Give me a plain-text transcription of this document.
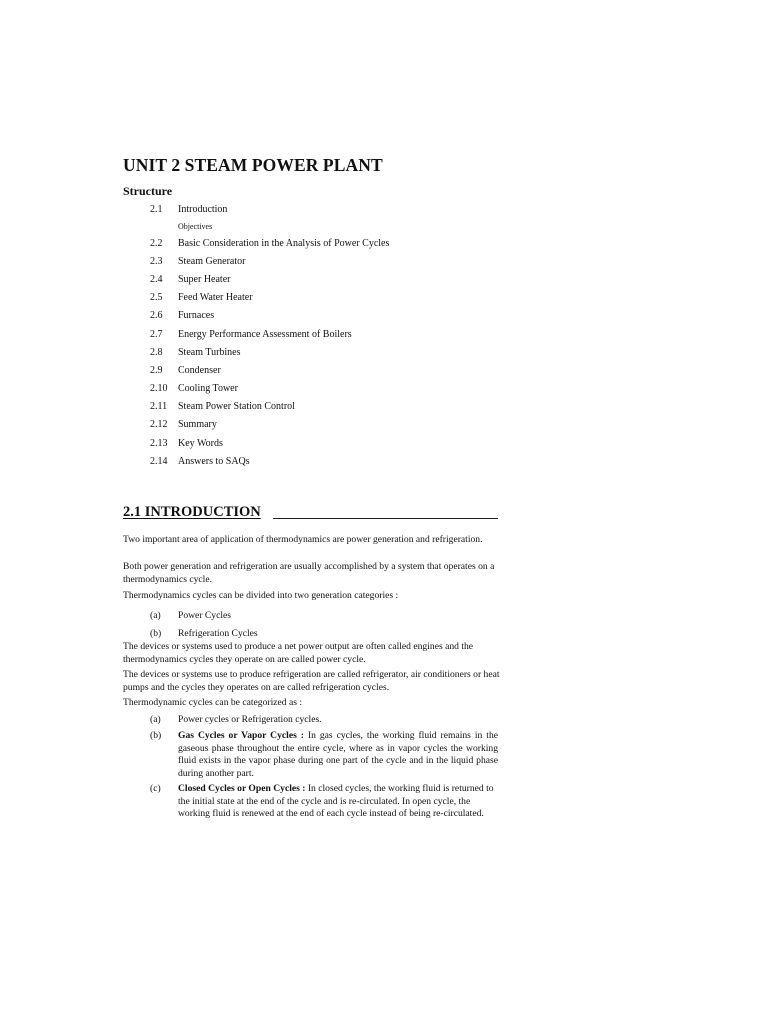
UNIT 2 STEAM POWER PLANT
Structure
2.1 Introduction
Objectives
2.2 Basic Consideration in the Analysis of Power Cycles
2.3 Steam Generator
2.4 Super Heater
2.5 Feed Water Heater
2.6 Furnaces
2.7 Energy Performance Assessment of Boilers
2.8 Steam Turbines
2.9 Condenser
2.10 Cooling Tower
2.11 Steam Power Station Control
2.12 Summary
2.13 Key Words
2.14 Answers to SAQs
2.1 INTRODUCTION
Two important area of application of thermodynamics are power generation and refrigeration.
Both power generation and refrigeration are usually accomplished by a system that operates on a thermodynamics cycle.
Thermodynamics cycles can be divided into two generation categories :
(a) Power Cycles
(b) Refrigeration Cycles
The devices or systems used to produce a net power output are often called engines and the thermodynamics cycles they operate on are called power cycle.
The devices or systems use to produce refrigeration are called refrigerator, air conditioners or heat pumps and the cycles they operates on are called refrigeration cycles.
Thermodynamic cycles can be categorized as :
(a) Power cycles or Refrigeration cycles.
(b) Gas Cycles or Vapor Cycles : In gas cycles, the working fluid remains in the gaseous phase throughout the entire cycle, where as in vapor cycles the working fluid exists in the vapor phase during one part of the cycle and in the liquid phase during another part.
(c) Closed Cycles or Open Cycles : In closed cycles, the working fluid is returned to the initial state at the end of the cycle and is re-circulated. In open cycle, the working fluid is renewed at the end of each cycle instead of being re-circulated.
